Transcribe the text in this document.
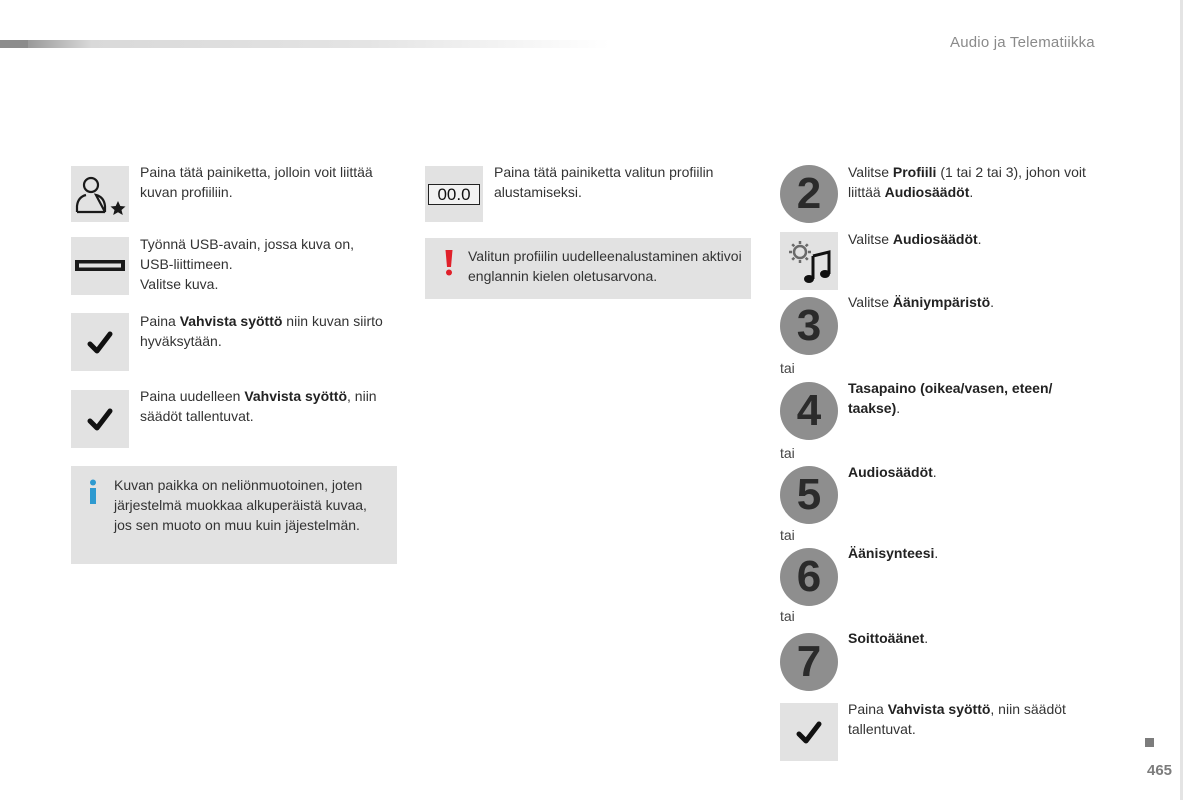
Audio ja Telematiikka
Paina tätä painiketta, jolloin voit liittää kuvan profiiliin.
Työnnä USB-avain, jossa kuva on,
USB-liittimeen.
Valitse kuva.
Paina Vahvista syöttö niin kuvan siirto hyväksytään.
Paina uudelleen Vahvista syöttö, niin säädöt tallentuvat.
Kuvan paikka on neliönmuotoinen, joten järjestelmä muokkaa alkuperäistä kuvaa, jos sen muoto on muu kuin jäjestelmän.
00.0
Paina tätä painiketta valitun profiilin alustamiseksi.
Valitun profiilin uudelleenalustaminen aktivoi englannin kielen oletusarvona.
2	Valitse Profiili (1 tai 2 tai 3), johon voit liittää Audiosäädöt.
Valitse Audiosäädöt.
3	Valitse Ääniympäristö.
tai
4	Tasapaino (oikea/vasen, eteen/ taakse).
tai
5	Audiosäädöt.
tai
6	Äänisynteesi.
tai
7	Soittoäänet.
Paina Vahvista syöttö, niin säädöt tallentuvat.
465
